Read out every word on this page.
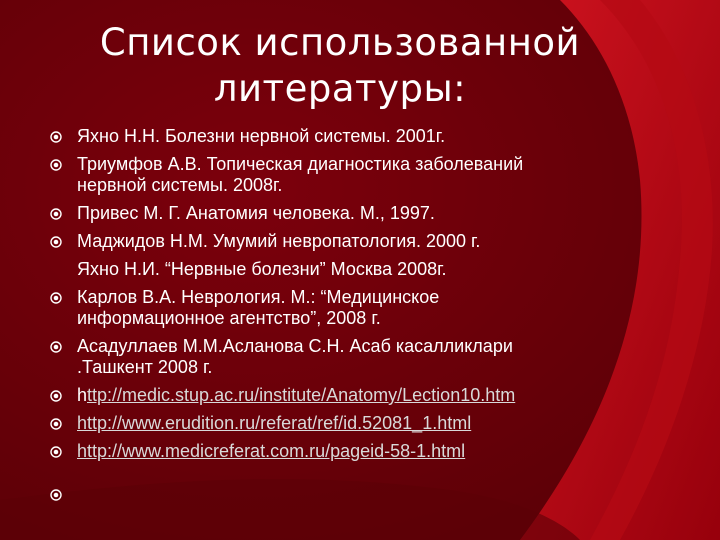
Список использованной
литературы:
Яхно Н.Н. Болезни нервной системы. 2001г.
Триумфов А.В. Топическая диагностика заболеваний
нервной системы. 2008г.
Привес М. Г. Анатомия человека. М., 1997.
Маджидов Н.М. Умумий невропатология. 2000 г.
Яхно Н.И. “Нервные болезни” Москва 2008г.
Карлов В.А. Неврология. М.: “Медицинское
информационное агентство”, 2008 г.
Асадуллаев М.М.Асланова С.Н. Асаб касалликлари
.Ташкент 2008 г.
http://medic.stup.ac.ru/institute/Anatomy/Lection10.htm
http://www.erudition.ru/referat/ref/id.52081_1.html
http://www.medicreferat.com.ru/pageid-58-1.html
